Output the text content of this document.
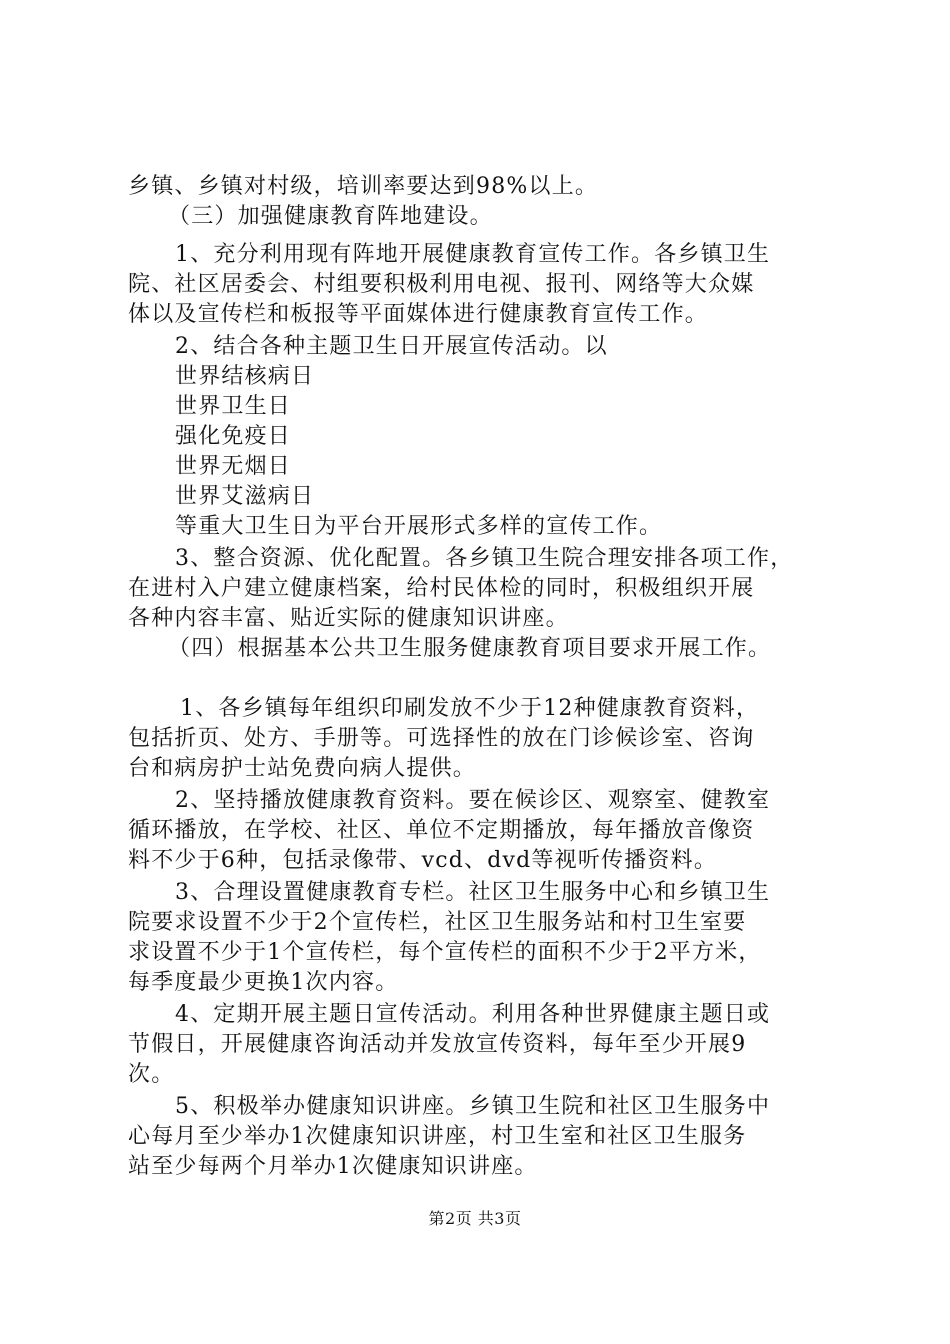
乡镇、乡镇对村级，培训率要达到98%以上。
（三）加强健康教育阵地建设。
1、充分利用现有阵地开展健康教育宣传工作。各乡镇卫生
院、社区居委会、村组要积极利用电视、报刊、网络等大众媒
体以及宣传栏和板报等平面媒体进行健康教育宣传工作。
2、结合各种主题卫生日开展宣传活动。以
世界结核病日
世界卫生日
强化免疫日
世界无烟日
世界艾滋病日
等重大卫生日为平台开展形式多样的宣传工作。
3、整合资源、优化配置。各乡镇卫生院合理安排各项工作，
在进村入户建立健康档案，给村民体检的同时，积极组织开展
各种内容丰富、贴近实际的健康知识讲座。
（四）根据基本公共卫生服务健康教育项目要求开展工作。
1、各乡镇每年组织印刷发放不少于12种健康教育资料，
包括折页、处方、手册等。可选择性的放在门诊候诊室、咨询
台和病房护士站免费向病人提供。
2、坚持播放健康教育资料。要在候诊区、观察室、健教室
循环播放，在学校、社区、单位不定期播放，每年播放音像资
料不少于6种，包括录像带、vcd、dvd等视听传播资料。
3、合理设置健康教育专栏。社区卫生服务中心和乡镇卫生
院要求设置不少于2个宣传栏，社区卫生服务站和村卫生室要
求设置不少于1个宣传栏，每个宣传栏的面积不少于2平方米，
每季度最少更换1次内容。
4、定期开展主题日宣传活动。利用各种世界健康主题日或
节假日，开展健康咨询活动并发放宣传资料，每年至少开展9
次。
5、积极举办健康知识讲座。乡镇卫生院和社区卫生服务中
心每月至少举办1次健康知识讲座，村卫生室和社区卫生服务
站至少每两个月举办1次健康知识讲座。
第2页 共3页
